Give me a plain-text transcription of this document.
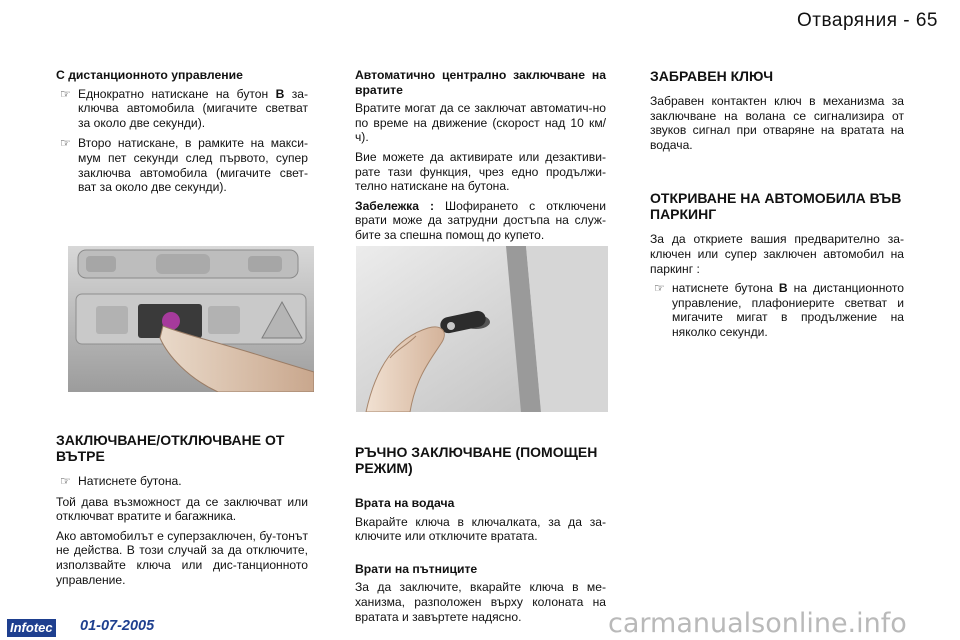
Отваряния - 65
С дистанционното управление
☞ Еднократно натискане на бутон B за-ключва автомобила (мигачите светват за около две секунди).
☞ Второ натискане, в рамките на макси-мум пет секунди след първото, супер заключва автомобила (мигачите свет-ват за около две секунди).
ЗАКЛЮЧВАНЕ/ОТКЛЮЧВАНЕ ОТ ВЪТРЕ
☞ Натиснете бутона.

Той дава възможност да се заключват или отключват вратите и багажника.

Ако автомобилът е суперзаключен, бу-тонът не действа. В този случай за да отключите, използвайте ключа или дис-танционното управление.

Автоматично централно заключване на вратите

Вратите могат да се заключат автоматич-но по време на движение (скорост над 10 км/ч).

Вие можете да активирате или дезактиви-рате тази функция, чрез едно продължи-телно натискане на бутона.

Забележка : Шофирането с отключени врати може да затрудни достъпа на служ-бите за спешна помощ до купето.

РЪЧНО ЗАКЛЮЧВАНЕ (ПОМОЩЕН РЕЖИМ)
Врата на водача

Вкарайте ключа в ключалката, за да за-ключите или отключите вратата.

Врати на пътниците

За да заключите, вкарайте ключа в ме-ханизма, разположен върху колоната на вратата и завъртете надясно.

ЗАБРАВЕН КЛЮЧ

Забравен контактен ключ в механизма за заключване на волана се сигнализира от звуков сигнал при отваряне на вратата на водача.

ОТКРИВАНЕ НА АВТОМОБИЛА ВЪВ ПАРКИНГ

За да откриете вашия предварително за-ключен или супер заключен автомобил на паркинг :

☞ натиснете бутона B на дистанционното управление, плафониерите светват и мигачите мигат в продължение на няколко секунди.
Infotec 01-07-2005	carmanualsonline.info
